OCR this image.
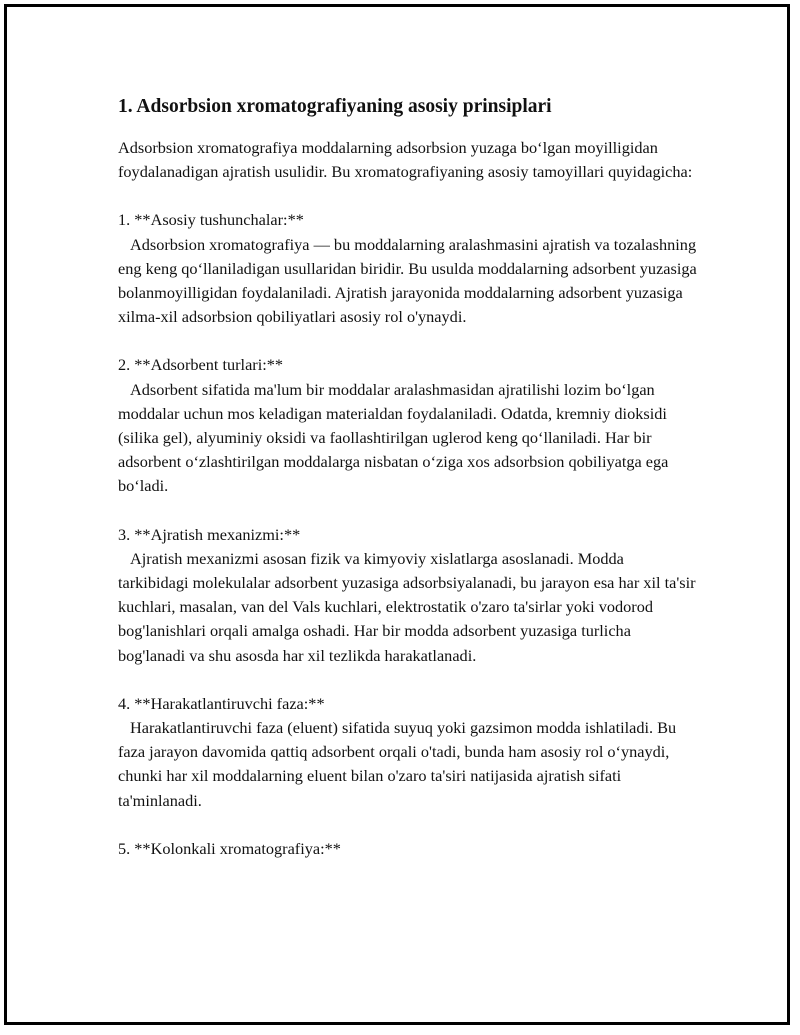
1. Adsorbsion xromatografiyaning asosiy prinsiplari

Adsorbsion xromatografiya moddalarning adsorbsion yuzaga bo‘lgan moyilligidan foydalanadigan ajratish usulidir. Bu xromatografiyaning asosiy tamoyillari quyidagicha:

1. **Asosiy tushunchalar:**

Adsorbsion xromatografiya — bu moddalarning aralashmasini ajratish va tozalashning eng keng qo‘llaniladigan usullaridan biridir. Bu usulda moddalarning adsorbent yuzasiga bolanmoyilligidan foydalaniladi. Ajratish jarayonida moddalarning adsorbent yuzasiga xilma-xil adsorbsion qobiliyatlari asosiy rol o'ynaydi.

2. **Adsorbent turlari:**

Adsorbent sifatida ma'lum bir moddalar aralashmasidan ajratilishi lozim bo‘lgan moddalar uchun mos keladigan materialdan foydalaniladi. Odatda, kremniy dioksidi (silika gel), alyuminiy oksidi va faollashtirilgan uglerod keng qo‘llaniladi. Har bir adsorbent o‘zlashtirilgan moddalarga nisbatan o‘ziga xos adsorbsion qobiliyatga ega bo‘ladi.

3. **Ajratish mexanizmi:**

Ajratish mexanizmi asosan fizik va kimyoviy xislatlarga asoslanadi. Modda tarkibidagi molekulalar adsorbent yuzasiga adsorbsiyalanadi, bu jarayon esa har xil ta'sir kuchlari, masalan, van del Vals kuchlari, elektrostatik o'zaro ta'sirlar yoki vodorod bog'lanishlari orqali amalga oshadi. Har bir modda adsorbent yuzasiga turlicha bog'lanadi va shu asosda har xil tezlikda harakatlanadi.

4. **Harakatlantiruvchi faza:**

Harakatlantiruvchi faza (eluent) sifatida suyuq yoki gazsimon modda ishlatiladi. Bu faza jarayon davomida qattiq adsorbent orqali o'tadi, bunda ham asosiy rol o‘ynaydi, chunki har xil moddalarning eluent bilan o'zaro ta'siri natijasida ajratish sifati ta'minlanadi.

5. **Kolonkali xromatografiya:**
